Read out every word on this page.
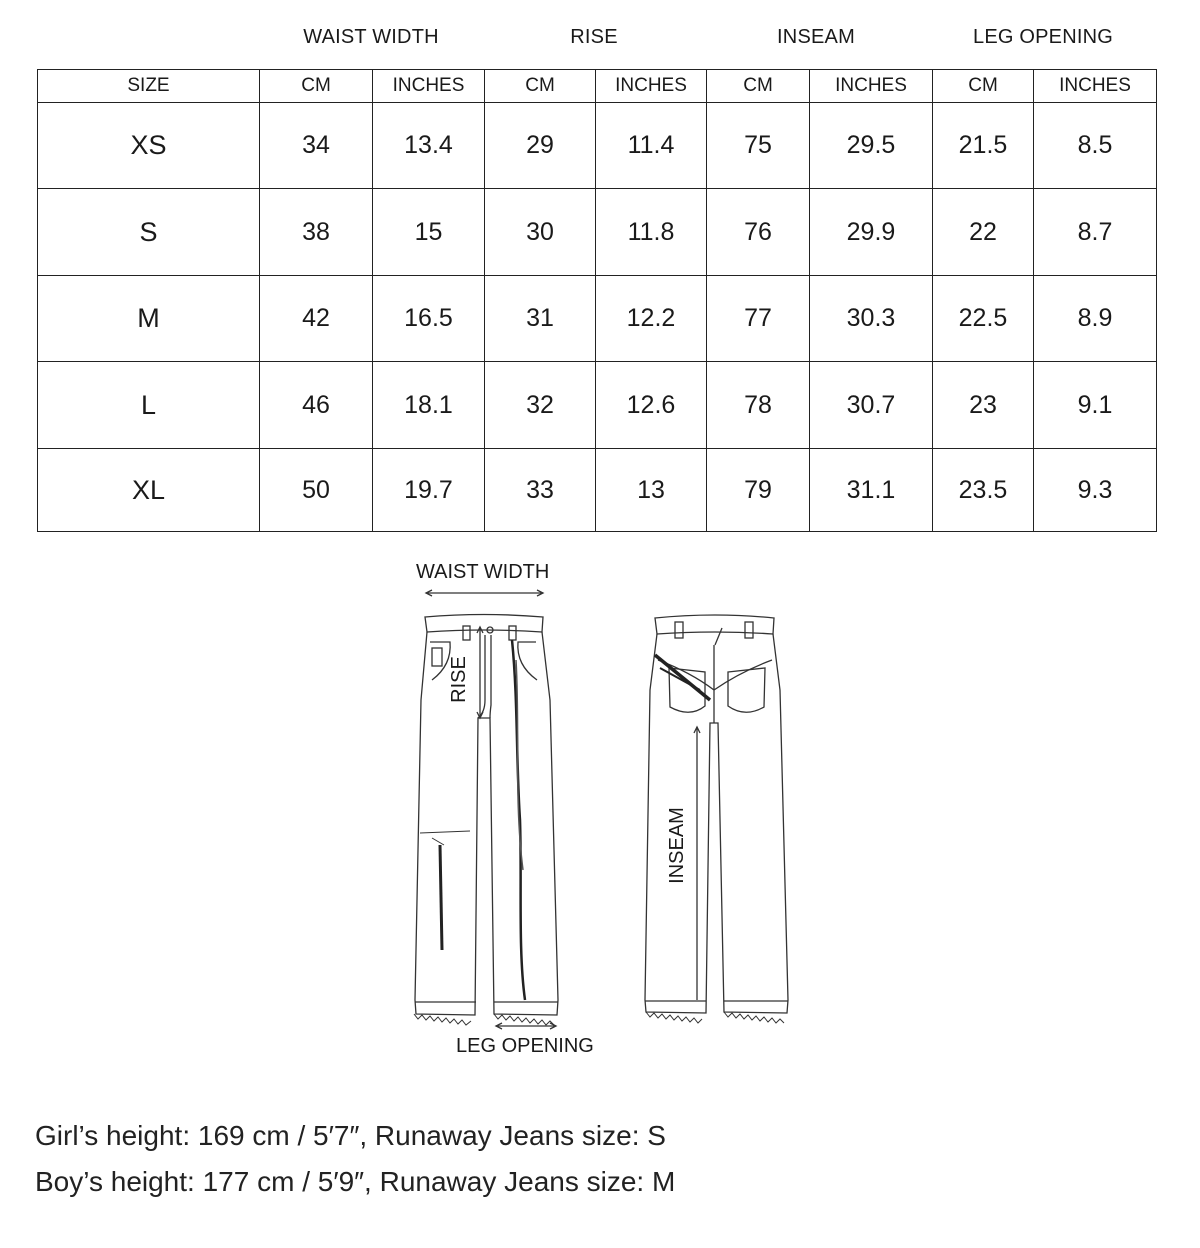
WAIST WIDTH	RISE	INSEAM	LEG OPENING
SIZE	CM	INCHES	CM	INCHES	CM	INCHES	CM	INCHES
XS	34	13.4	29	11.4	75	29.5	21.5	8.5
S	38	15	30	11.8	76	29.9	22	8.7
M	42	16.5	31	12.2	77	30.3	22.5	8.9
L	46	18.1	32	12.6	78	30.7	23	9.1
XL	50	19.7	33	13	79	31.1	23.5	9.3
WAIST WIDTH
RISE
INSEAM
LEG OPENING
Girl’s height: 169 cm / 5′7″, Runaway Jeans size: S
Boy’s height: 177 cm / 5′9″, Runaway Jeans size: M
